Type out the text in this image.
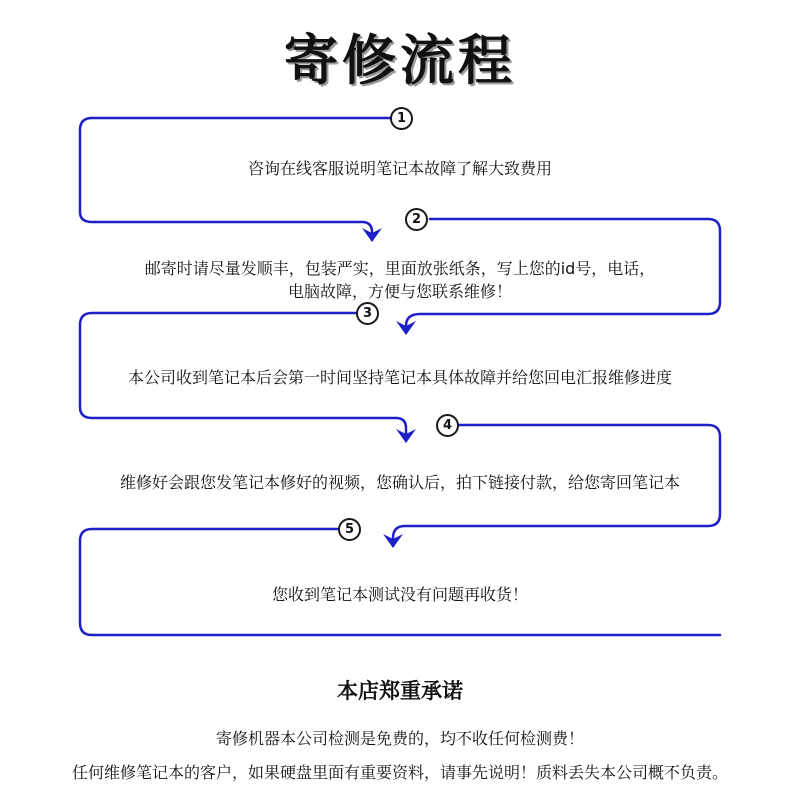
寄修流程
1
2
3
4
5
咨询在线客服说明笔记本故障了解大致费用
邮寄时请尽量发顺丰，包装严实，里面放张纸条，写上您的id号，电话，
电脑故障，方便与您联系维修！
本公司收到笔记本后会第一时间坚持笔记本具体故障并给您回电汇报维修进度
维修好会跟您发笔记本修好的视频，您确认后，拍下链接付款，给您寄回笔记本
您收到笔记本测试没有问题再收货！
本店郑重承诺
寄修机器本公司检测是免费的，均不收任何检测费！
任何维修笔记本的客户，如果硬盘里面有重要资料，请事先说明！质料丢失本公司概不负责。
